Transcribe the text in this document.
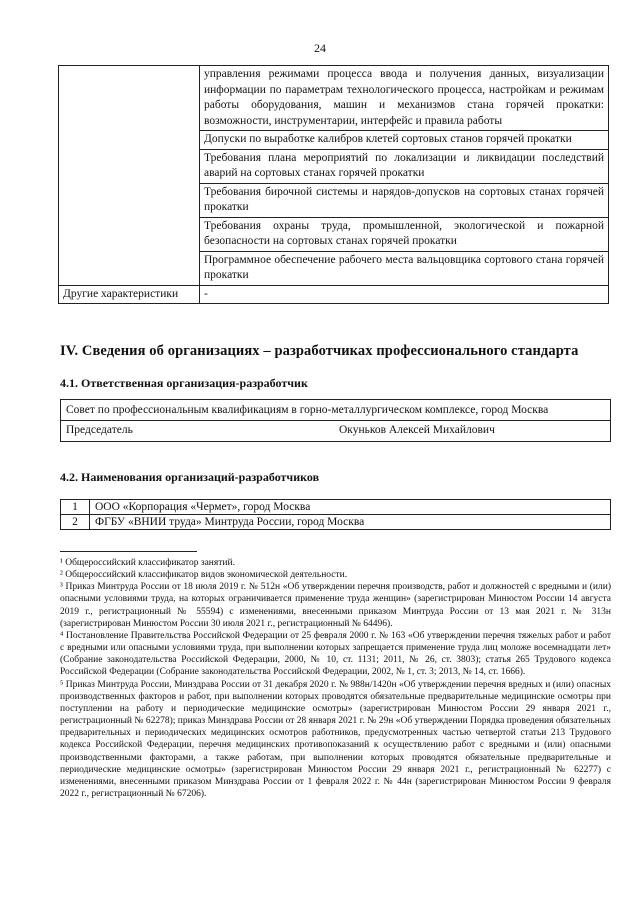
24
	управления режимами процесса ввода и получения данных, визуализации информации по параметрам технологического процесса, настройкам и режимам работы оборудования, машин и механизмов стана горячей прокатки: возможности, инструментарии, интерфейс и правила работы
	Допуски по выработке калибров клетей сортовых станов горячей прокатки
	Требования плана мероприятий по локализации и ликвидации последствий аварий на сортовых станах горячей прокатки
	Требования бирочной системы и нарядов-допусков на сортовых станах горячей прокатки
	Требования охраны труда, промышленной, экологической и пожарной безопасности на сортовых станах горячей прокатки
	Программное обеспечение рабочего места вальцовщика сортового стана горячей прокатки
Другие характеристики	-
IV. Сведения об организациях – разработчиках профессионального стандарта
4.1. Ответственная организация-разработчик
Совет по профессиональным квалификациям в горно-металлургическом комплексе, город Москва
Председатель	Окуньков Алексей Михайлович
4.2. Наименования организаций-разработчиков
1	ООО «Корпорация «Чермет», город Москва
2	ФГБУ «ВНИИ труда» Минтруда России, город Москва

¹ Общероссийский классификатор занятий.

² Общероссийский классификатор видов экономической деятельности.

³ Приказ Минтруда России от 18 июля 2019 г. № 512н «Об утверждении перечня производств, работ и должностей с вредными и (или) опасными условиями труда, на которых ограничивается применение труда женщин» (зарегистрирован Минюстом России 14 августа 2019 г., регистрационный № 55594) с изменениями, внесенными приказом Минтруда России от 13 мая 2021 г. № 313н (зарегистрирован Минюстом России 30 июля 2021 г., регистрационный № 64496).

⁴ Постановление Правительства Российской Федерации от 25 февраля 2000 г. № 163 «Об утверждении перечня тяжелых работ и работ с вредными или опасными условиями труда, при выполнении которых запрещается применение труда лиц моложе восемнадцати лет» (Собрание законодательства Российской Федерации, 2000, № 10, ст. 1131; 2011, № 26, ст. 3803); статья 265 Трудового кодекса Российской Федерации (Собрание законодательства Российской Федерации, 2002, № 1, ст. 3; 2013, № 14, ст. 1666).

⁵ Приказ Минтруда России, Минздрава России от 31 декабря 2020 г. № 988н/1420н «Об утверждении перечня вредных и (или) опасных производственных факторов и работ, при выполнении которых проводятся обязательные предварительные медицинские осмотры при поступлении на работу и периодические медицинские осмотры» (зарегистрирован Минюстом России 29 января 2021 г., регистрационный № 62278); приказ Минздрава России от 28 января 2021 г. № 29н «Об утверждении Порядка проведения обязательных предварительных и периодических медицинских осмотров работников, предусмотренных частью четвертой статьи 213 Трудового кодекса Российской Федерации, перечня медицинских противопоказаний к осуществлению работ с вредными и (или) опасными производственными факторами, а также работам, при выполнении которых проводятся обязательные предварительные и периодические медицинские осмотры» (зарегистрирован Минюстом России 29 января 2021 г., регистрационный № 62277) с изменениями, внесенными приказом Минздрава России от 1 февраля 2022 г. № 44н (зарегистрирован Минюстом России 9 февраля 2022 г., регистрационный № 67206).
